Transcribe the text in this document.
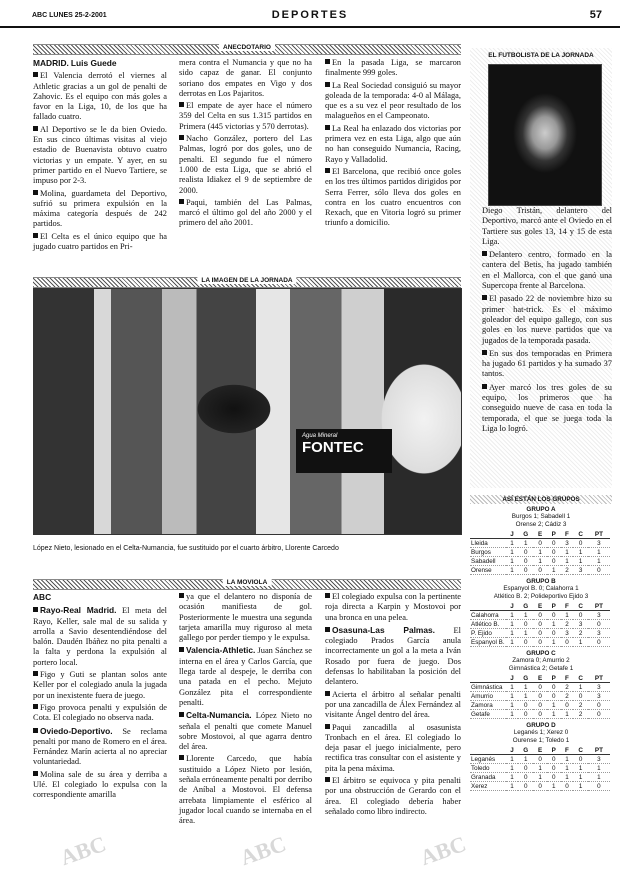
ABC LUNES 25-2-2001	DEPORTES	57
ANECDOTARIO

MADRID. Luis Guede

El Valencia derrotó el viernes al Athletic gracias a un gol de penalti de Zahovic. Es el equipo con más goles a favor en la Liga, 10, de los que ha fallado cuatro.

Al Deportivo se le da bien Oviedo. En sus cinco últimas visitas al viejo estadio de Buenavista obtuvo cuatro victorias y un empate. Y ayer, en su primer partido en el Nuevo Tartiere, se impuso por 2-3.

Molina, guardameta del Deportivo, sufrió su primera expulsión en la máxima categoría después de 242 partidos.

El Celta es el único equipo que ha jugado cuatro partidos en Pri-

mera contra el Numancia y que no ha sido capaz de ganar. El conjunto soriano dos empates en Vigo y dos derrotas en Los Pajaritos.

El empate de ayer hace el número 359 del Celta en sus 1.315 partidos en Primera (445 victorias y 570 derrotas).

Nacho González, portero del Las Palmas, logró por dos goles, uno de penalti. El segundo fue el número 1.000 de esta Liga, que se abrió el realista Idiakez el 9 de septiembre de 2000.

Paqui, también del Las Palmas, marcó el último gol del año 2000 y el primero del año 2001.

En la pasada Liga, se marcaron finalmente 999 goles.

La Real Sociedad consiguió su mayor goleada de la temporada: 4-0 al Málaga, que es a su vez el peor resultado de los malagueños en el Campeonato.

La Real ha enlazado dos victorias por primera vez en esta Liga, algo que aún no han conseguido Numancia, Racing, Rayo y Valladolid.

El Barcelona, que recibió once goles en los tres últimos partidos dirigidos por Serra Ferrer, sólo lleva dos goles en contra en los cuatro encuentros con Rexach, que en Vitoria logró su primer triunfo a domicilio.

LA IMAGEN DE LA JORNADA
Agua Mineral
FONTEC
López Nieto, lesionado en el Celta-Numancia, fue sustituido por el cuarto árbitro, Llorente Carcedo
EL FUTBOLISTA DE LA JORNADA

Diego Tristán, delantero del Deportivo, marcó ante el Oviedo en el Tartiere sus goles 13, 14 y 15 de esta Liga.

Delantero centro, formado en la cantera del Betis, ha jugado también en el Mallorca, con el que ganó una Supercopa frente al Barcelona.

El pasado 22 de noviembre hizo su primer hat-trick. Es el máximo goleador del equipo gallego, con sus goles en los nueve partidos que va jugados de la temporada pasada.

En sus dos temporadas en Primera ha jugado 61 partidos y ha sumado 37 tantos.

Ayer marcó los tres goles de su equipo, los primeros que ha conseguido nueve de casa en toda la temporada, el que se juega toda la Liga lo logró.

ASÍ ESTÁN LOS GRUPOS
GRUPO A
Burgos 1; Sabadell 1
Orense 2; Cádiz 3
	J	G	E	P	F	C	PT
Lleida	1	1	0	0	3	0	3
Burgos	1	0	1	0	1	1	1
Sabadell	1	0	1	0	1	1	1
Orense	1	0	0	1	2	3	0
GRUPO B
Espanyol B. 0; Calahorra 1
Atlético B. 2; Polideportivo Ejido 3
	J	G	E	P	F	C	PT
Calahorra	1	1	0	0	1	0	3
Atlético B.	1	0	0	1	2	3	0
P. Ejido	1	1	0	0	3	2	3
Espanyol B.	1	0	0	1	0	1	0
GRUPO C
Zamora 0; Amurrio 2
Gimnástica 2; Getafe 1
	J	G	E	P	F	C	PT
Gimnástica	1	1	0	0	2	1	3
Amurrio	1	1	0	0	2	0	3
Zamora	1	0	0	1	0	2	0
Getafe	1	0	0	1	1	2	0
GRUPO D
Leganés 1; Xerez 0
Ourense 1; Toledo 1
	J	G	E	P	F	C	PT
Leganés	1	1	0	0	1	0	3
Toledo	1	0	1	0	1	1	1
Granada	1	0	1	0	1	1	1
Xerez	1	0	0	1	0	1	0
LA MOVIOLA

ABC

Rayo-Real Madrid. El meta del Rayo, Keller, sale mal de su salida y arrolla a Savio desentendiéndose del balón. Daudén Ibáñez no pita penalti a la falta y perdona la expulsión al portero local.

Figo y Guti se plantan solos ante Keller por el colegiado anula la jugada por un inexistente fuera de juego.

Figo provoca penalti y expulsión de Cota. El colegiado no observa nada.

Oviedo-Deportivo. Se reclama penalti por mano de Romero en el área. Fernández Marín acierta al no apreciar voluntariedad.

Molina sale de su área y derriba a Ulé. El colegiado lo expulsa con la correspondiente amarilla

ya que el delantero no disponía de ocasión manifiesta de gol. Posteriormente le muestra una segunda tarjeta amarilla muy riguroso al meta gallego por perder tiempo y le expulsa.

Valencia-Athletic. Juan Sánchez se interna en el área y Carlos García, que llega tarde al despeje, le derriba con una patada en el pecho. Mejuto González pita el correspondiente penalti.

Celta-Numancia. López Nieto no señala el penalti que comete Manuel sobre Mostovoi, al que agarra dentro del área.

Llorente Carcedo, que había sustituido a López Nieto por lesión, señala erróneamente penalti por derribo de Aníbal a Mostovoi. El defensa arrebata limpiamente el esférico al jugador local cuando se internaba en el área.

El colegiado expulsa con la pertinente roja directa a Karpin y Mostovoi por una bronca en una pelea.

Osasuna-Las Palmas. El colegiado Prados García anula incorrectamente un gol a la meta a Iván Rosado por fuera de juego. Dos defensas lo habilitaban la posición del delantero.

Acierta el árbitro al señalar penalti por una zancadilla de Álex Fernández al visitante Ángel dentro del área.

Paqui zancadilla al osasunista Tronbach en el área. El colegiado lo deja pasar el juego inicialmente, pero rectifica tras consultar con el asistente y pita la pena máxima.

El árbitro se equivoca y pita penalti por una obstrucción de Gerardo con el área. El colegiado debería haber señalado como libro indirecto.

ABC	ABC	ABC
